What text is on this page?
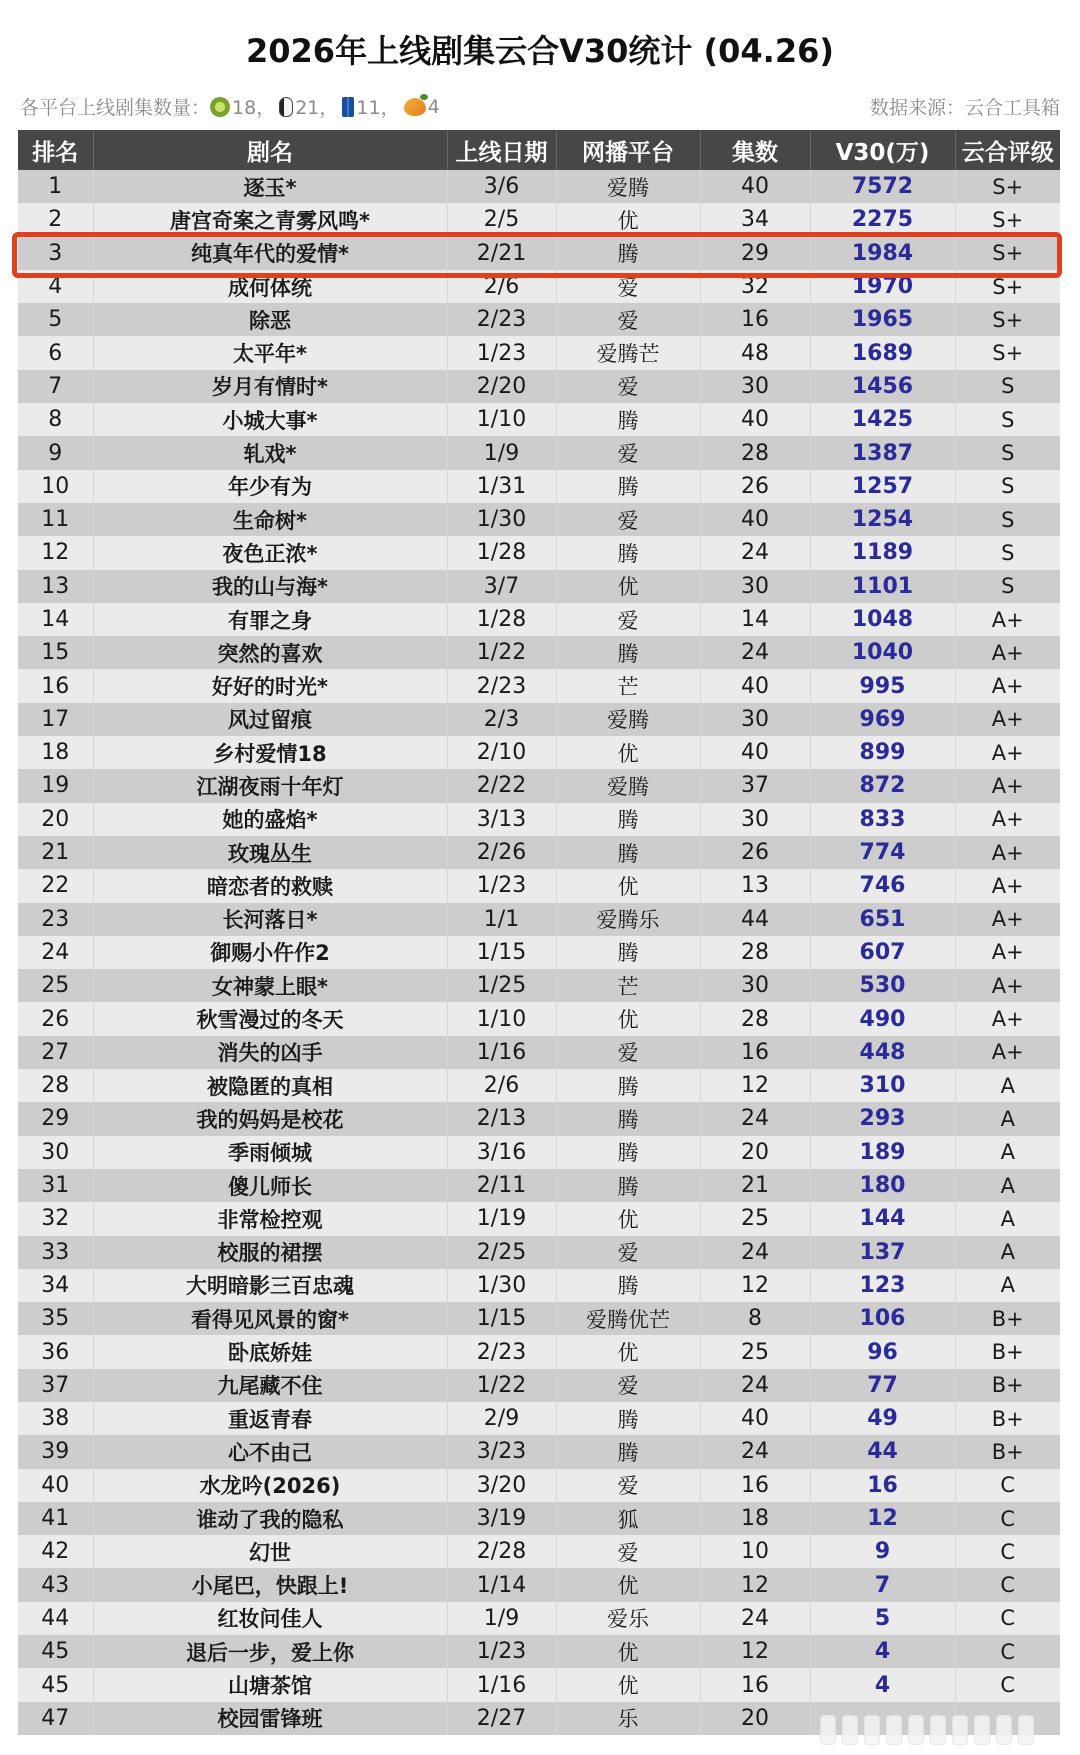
2026年上线剧集云合V30统计 (04.26)
各平台上线剧集数量： 18， 21， 11， 4	数据来源：云合工具箱
排名	剧名	上线日期	网播平台	集数	V30(万)	云合评级
1	逐玉*	3/6	爱腾	40	7572	S+
2	唐宫奇案之青雾风鸣*	2/5	优	34	2275	S+
3	纯真年代的爱情*	2/21	腾	29	1984	S+
4	成何体统	2/6	爱	32	1970	S+
5	除恶	2/23	爱	16	1965	S+
6	太平年*	1/23	爱腾芒	48	1689	S+
7	岁月有情时*	2/20	爱	30	1456	S
8	小城大事*	1/10	腾	40	1425	S
9	轧戏*	1/9	爱	28	1387	S
10	年少有为	1/31	腾	26	1257	S
11	生命树*	1/30	爱	40	1254	S
12	夜色正浓*	1/28	腾	24	1189	S
13	我的山与海*	3/7	优	30	1101	S
14	有罪之身	1/28	爱	14	1048	A+
15	突然的喜欢	1/22	腾	24	1040	A+
16	好好的时光*	2/23	芒	40	995	A+
17	风过留痕	2/3	爱腾	30	969	A+
18	乡村爱情18	2/10	优	40	899	A+
19	江湖夜雨十年灯	2/22	爱腾	37	872	A+
20	她的盛焰*	3/13	腾	30	833	A+
21	玫瑰丛生	2/26	腾	26	774	A+
22	暗恋者的救赎	1/23	优	13	746	A+
23	长河落日*	1/1	爱腾乐	44	651	A+
24	御赐小仵作2	1/15	腾	28	607	A+
25	女神蒙上眼*	1/25	芒	30	530	A+
26	秋雪漫过的冬天	1/10	优	28	490	A+
27	消失的凶手	1/16	爱	16	448	A+
28	被隐匿的真相	2/6	腾	12	310	A
29	我的妈妈是校花	2/13	腾	24	293	A
30	季雨倾城	3/16	腾	20	189	A
31	傻儿师长	2/11	腾	21	180	A
32	非常检控观	1/19	优	25	144	A
33	校服的裙摆	2/25	爱	24	137	A
34	大明暗影三百忠魂	1/30	腾	12	123	A
35	看得见风景的窗*	1/15	爱腾优芒	8	106	B+
36	卧底娇娃	2/23	优	25	96	B+
37	九尾藏不住	1/22	爱	24	77	B+
38	重返青春	2/9	腾	40	49	B+
39	心不由己	3/23	腾	24	44	B+
40	水龙吟(2026)	3/20	爱	16	16	C
41	谁动了我的隐私	3/19	狐	18	12	C
42	幻世	2/28	爱	10	9	C
43	小尾巴，快跟上!	1/14	优	12	7	C
44	红妆问佳人	1/9	爱乐	24	5	C
45	退后一步，爱上你	1/23	优	12	4	C
45	山塘茶馆	1/16	优	16	4	C
47	校园雷锋班	2/27	乐	20		
